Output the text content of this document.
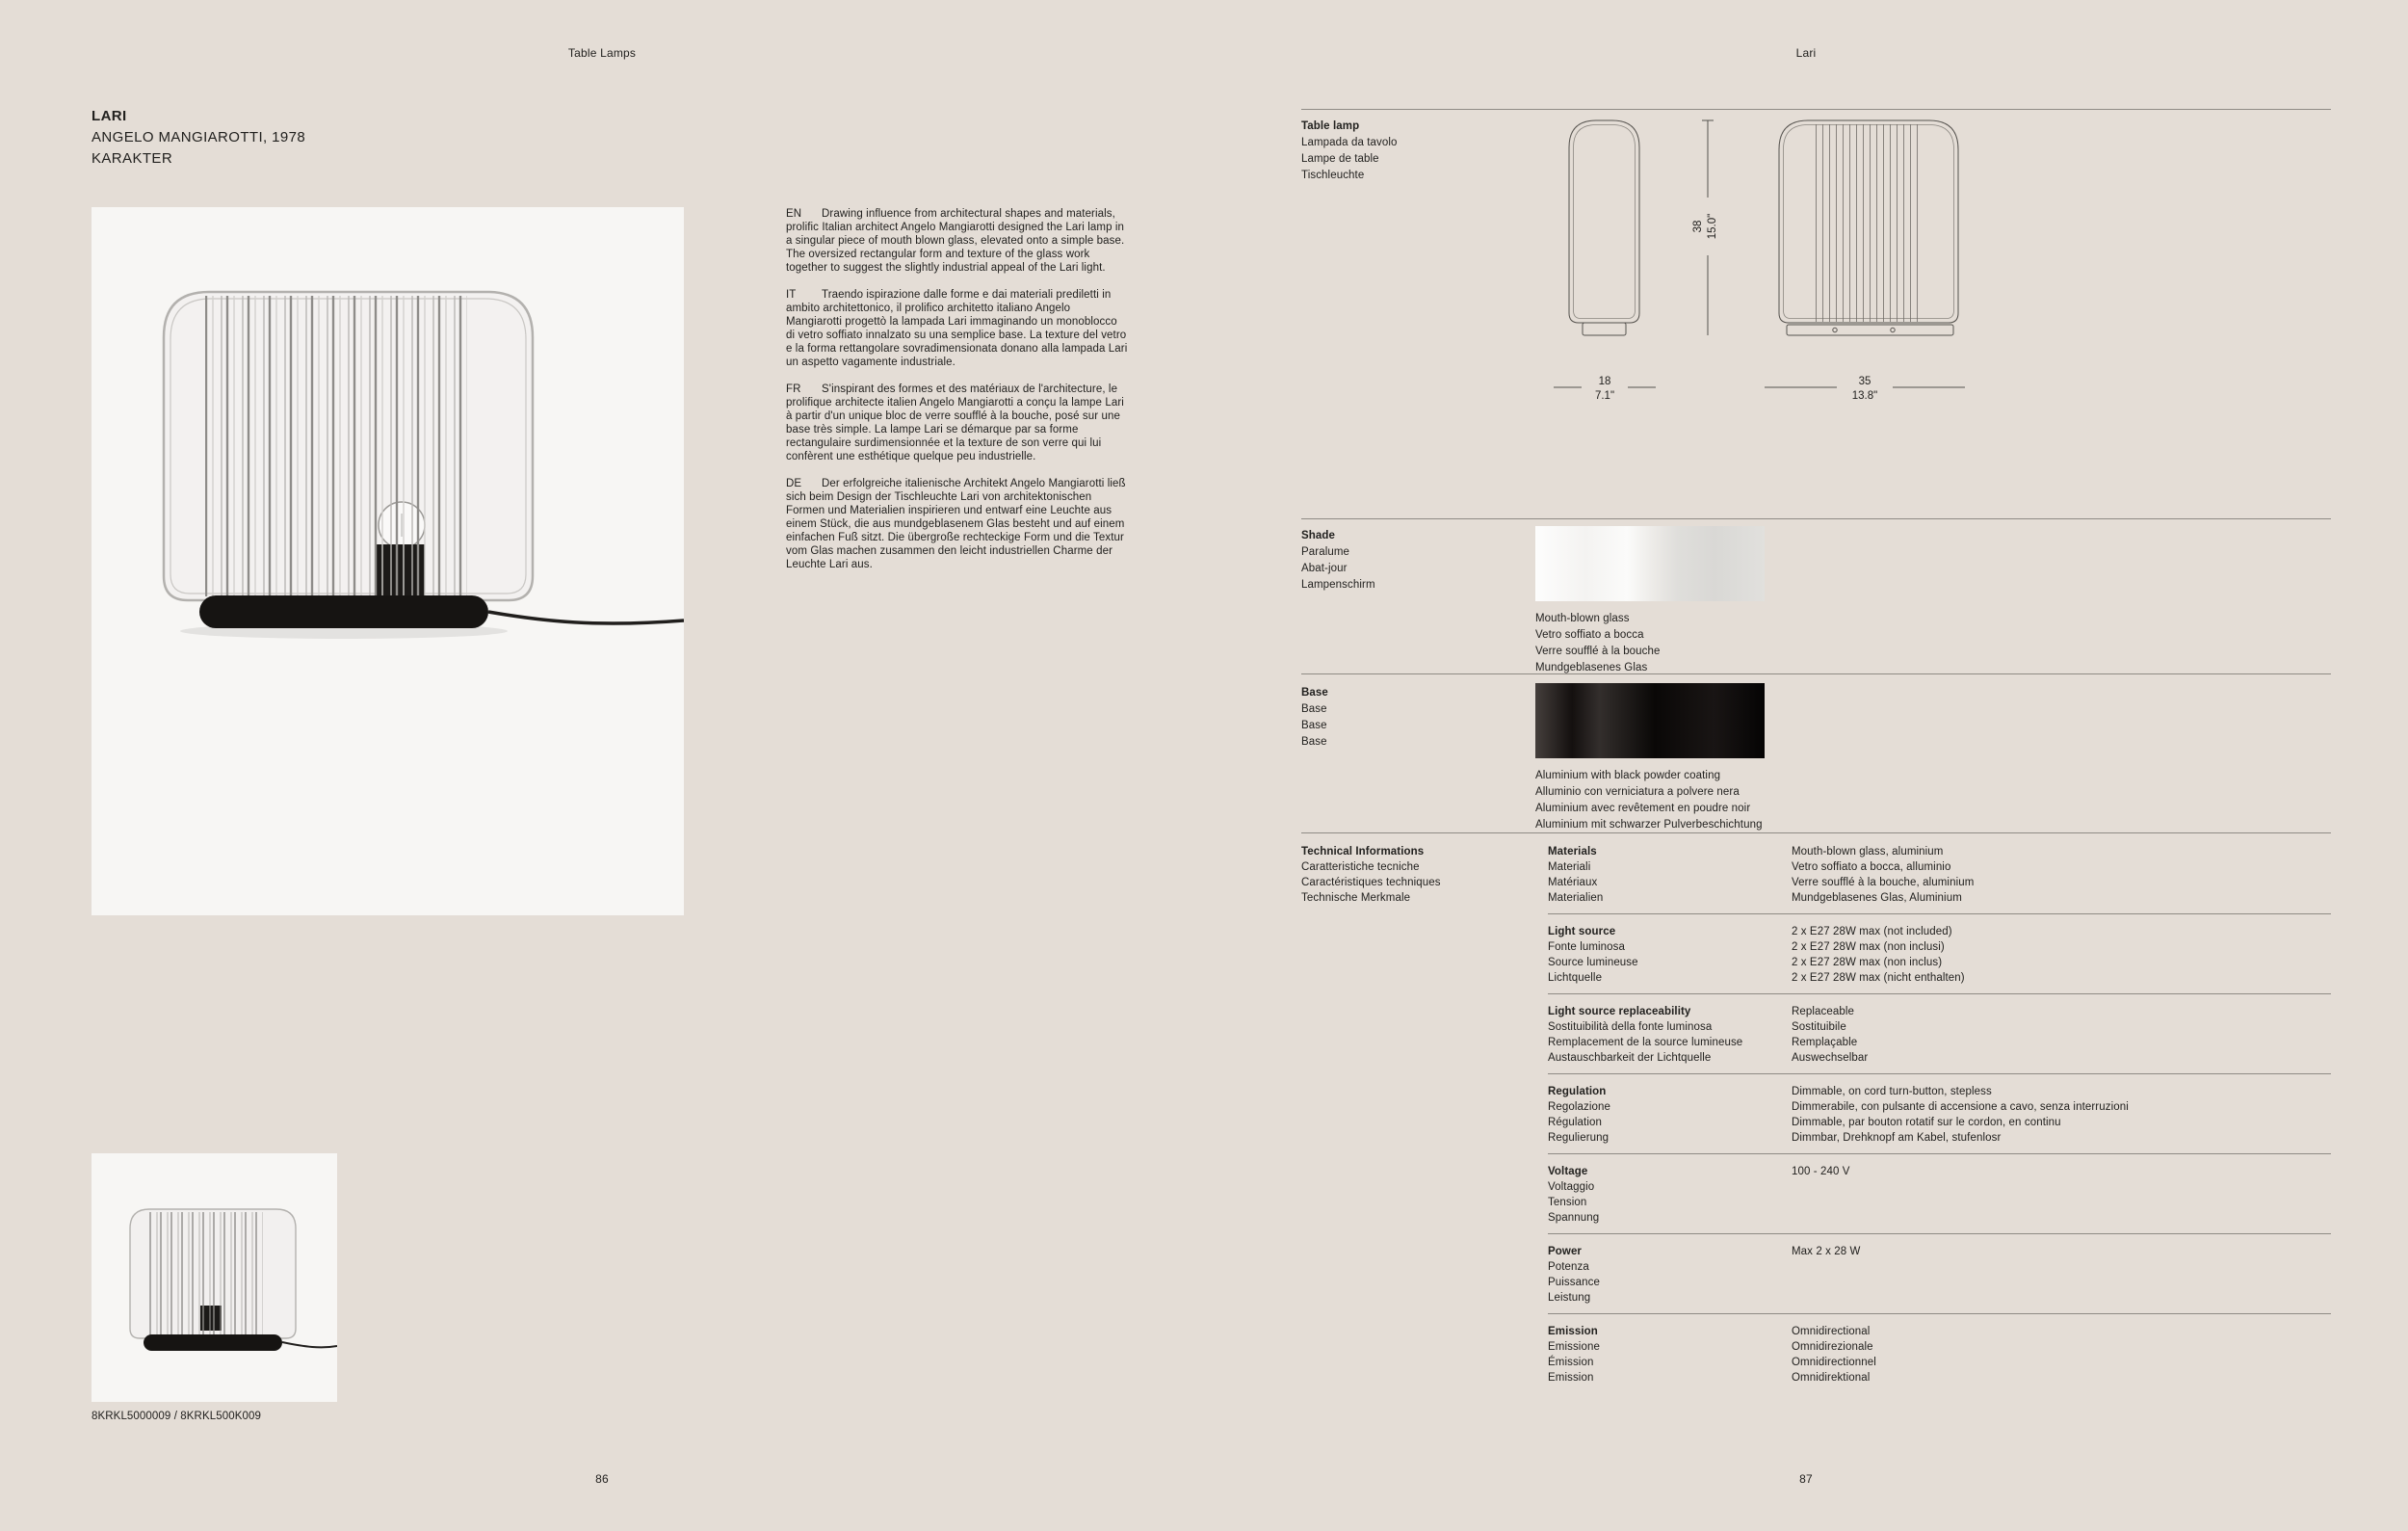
Table Lamps
LARI
ANGELO MANGIAROTTI, 1978
KARAKTER

EN Drawing influence from architectural shapes and materials, prolific Italian architect Angelo Mangiarotti designed the Lari lamp in a singular piece of mouth blown glass, elevated onto a simple base. The oversized rectangular form and texture of the glass work together to suggest the slightly industrial appeal of the Lari light.

IT Traendo ispirazione dalle forme e dai materiali prediletti in ambito architettonico, il prolifico architetto italiano Angelo Mangiarotti progettò la lampada Lari immaginando un monoblocco di vetro soffiato innalzato su una semplice base. La texture del vetro e la forma rettangolare sovradimensionata donano alla lampada Lari un aspetto vagamente industriale.

FR S'inspirant des formes et des matériaux de l'architecture, le prolifique architecte italien Angelo Mangiarotti a conçu la lampe Lari à partir d'un unique bloc de verre soufflé à la bouche, posé sur une base très simple. La lampe Lari se démarque par sa forme rectangulaire surdimensionnée et la texture de son verre qui lui confèrent une esthétique quelque peu industrielle.

DE Der erfolgreiche italienische Architekt Angelo Mangiarotti ließ sich beim Design der Tischleuchte Lari von architektonischen Formen und Materialien inspirieren und entwarf eine Leuchte aus einem Stück, die aus mundgeblasenem Glas besteht und auf einem einfachen Fuß sitzt. Die übergroße rechteckige Form und die Textur vom Glas machen zusammen den leicht industriellen Charme der Leuchte Lari aus.

8KRKL5000009 / 8KRKL500K009
86
Lari
Table lamp
Lampada da tavolo
Lampe de table
Tischleuchte
38 15.0"
18
7.1"
35
13.8"
Shade
Paralume
Abat-jour
Lampenschirm
Mouth-blown glass
Vetro soffiato a bocca
Verre soufflé à la bouche
Mundgeblasenes Glas
Base
Base
Base
Base
Aluminium with black powder coating
Alluminio con verniciatura a polvere nera
Aluminium avec revêtement en poudre noir
Aluminium mit schwarzer Pulverbeschichtung
Technical Informations
Caratteristiche tecniche
Caractéristiques techniques
Technische Merkmale
Materials
Materiali
Matériaux
Materialien
Mouth-blown glass, aluminium
Vetro soffiato a bocca, alluminio
Verre soufflé à la bouche, aluminium
Mundgeblasenes Glas, Aluminium
Light source
Fonte luminosa
Source lumineuse
Lichtquelle
2 x E27 28W max (not included)
2 x E27 28W max (non inclusi)
2 x E27 28W max (non inclus)
2 x E27 28W max (nicht enthalten)
Light source replaceability
Sostituibilità della fonte luminosa
Remplacement de la source lumineuse
Austauschbarkeit der Lichtquelle
Replaceable
Sostituibile
Remplaçable
Auswechselbar
Regulation
Regolazione
Régulation
Regulierung
Dimmable, on cord turn-button, stepless
Dimmerabile, con pulsante di accensione a cavo, senza interruzioni
Dimmable, par bouton rotatif sur le cordon, en continu
Dimmbar, Drehknopf am Kabel, stufenlosr
Voltage
Voltaggio
Tension
Spannung
100 - 240 V
Power
Potenza
Puissance
Leistung
Max 2 x 28 W
Emission
Emissione
Émission
Emission
Omnidirectional
Omnidirezionale
Omnidirectionnel
Omnidirektional
87
